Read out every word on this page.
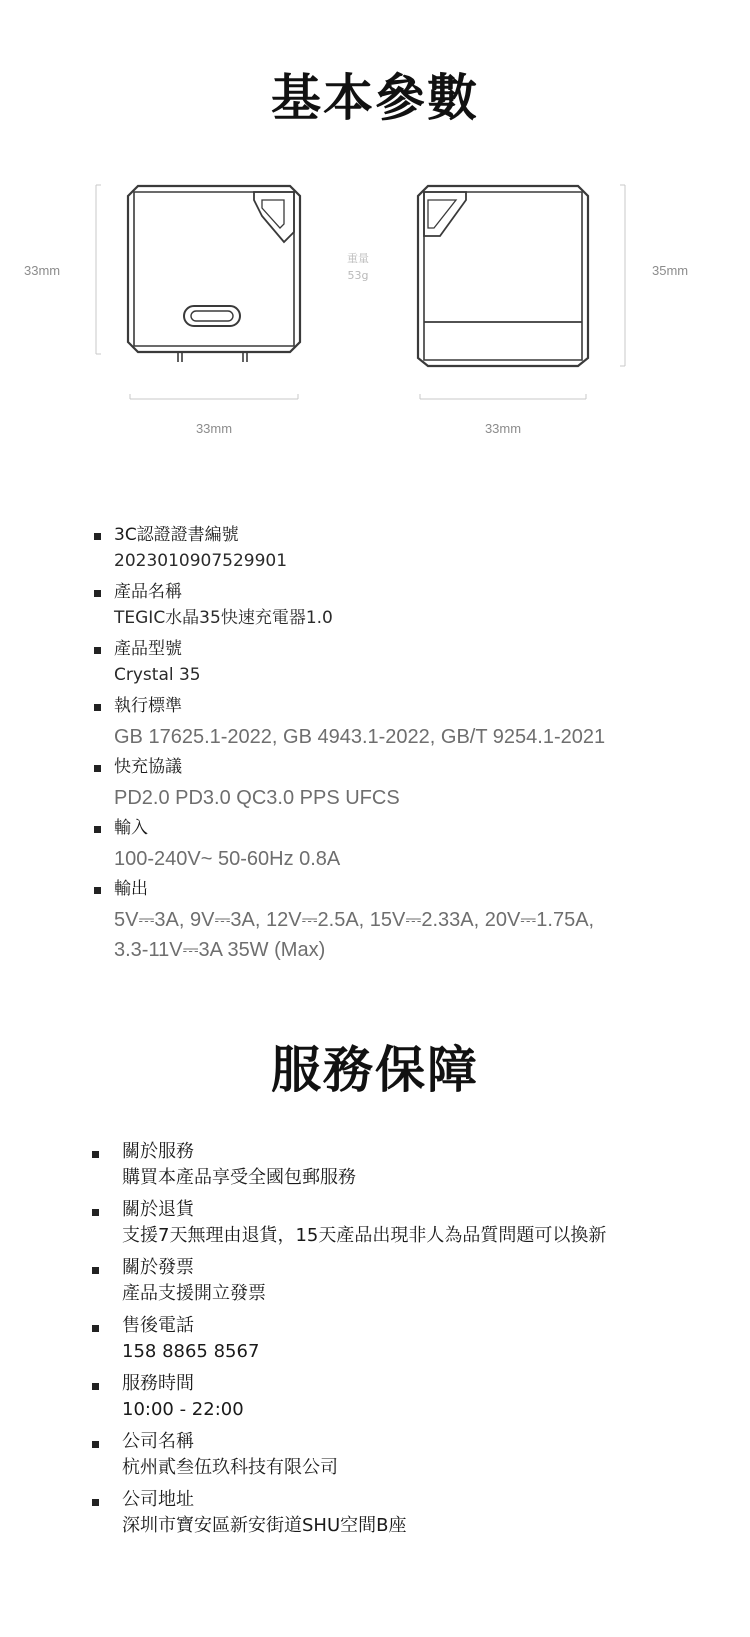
基本參數
33mm
33mm
重量
53g	35mm
33mm
3C認證證書編號
2023010907529901
產品名稱
TEGIC水晶35快速充電器1.0
產品型號
Crystal 35
執行標準
GB 17625.1-2022, GB 4943.1-2022, GB/T 9254.1-2021
快充協議
PD2.0 PD3.0 QC3.0 PPS UFCS
輸入
100-240V~ 50-60Hz 0.8A
輸出
5V⎓3A, 9V⎓3A, 12V⎓2.5A, 15V⎓2.33A, 20V⎓1.75A,
3.3-11V⎓3A 35W (Max)
服務保障
關於服務
購買本產品享受全國包郵服務
關於退貨
支援7天無理由退貨，15天產品出現非人為品質問題可以換新
關於發票
產品支援開立發票
售後電話
158 8865 8567
服務時間
10:00 - 22:00
公司名稱
杭州貳叁伍玖科技有限公司
公司地址
深圳市寶安區新安街道SHU空間B座
